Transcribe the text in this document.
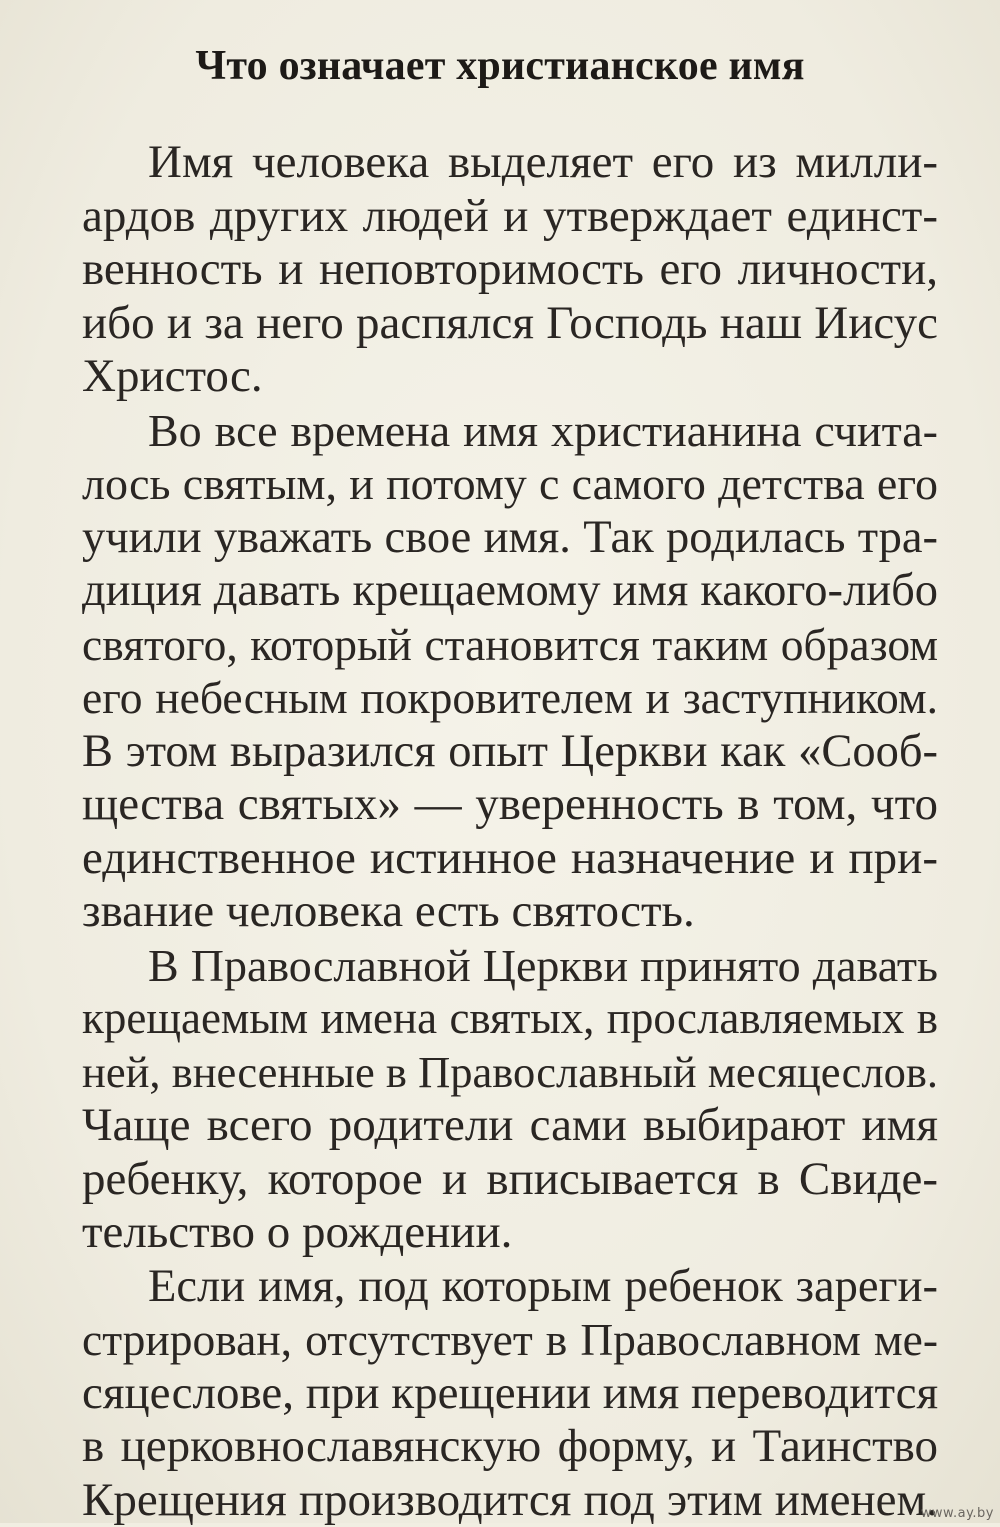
Что означает христианское имя
Имя человека выделяет его из милли-
ардов других людей и утверждает единст-
венность и неповторимость его личности,
ибо и за него распялся Господь наш Иисус
Христос.
Во все времена имя христианина счита-
лось святым, и потому с самого детства его
учили уважать свое имя. Так родилась тра-
диция давать крещаемому имя какого-либо
святого, который становится таким образом
его небесным покровителем и заступником.
В этом выразился опыт Церкви как «Сооб-
щества святых» — уверенность в том, что
единственное истинное назначение и при-
звание человека есть святость.
В Православной Церкви принято давать
крещаемым имена святых, прославляемых в
ней, внесенные в Православный месяцеслов.
Чаще всего родители сами выбирают имя
ребенку, которое и вписывается в Свиде-
тельство о рождении.
Если имя, под которым ребенок зареги-
стрирован, отсутствует в Православном ме-
сяцеслове, при крещении имя переводится
в церковнославянскую форму, и Таинство
Крещения производится под этим именем.
www.ay.by
